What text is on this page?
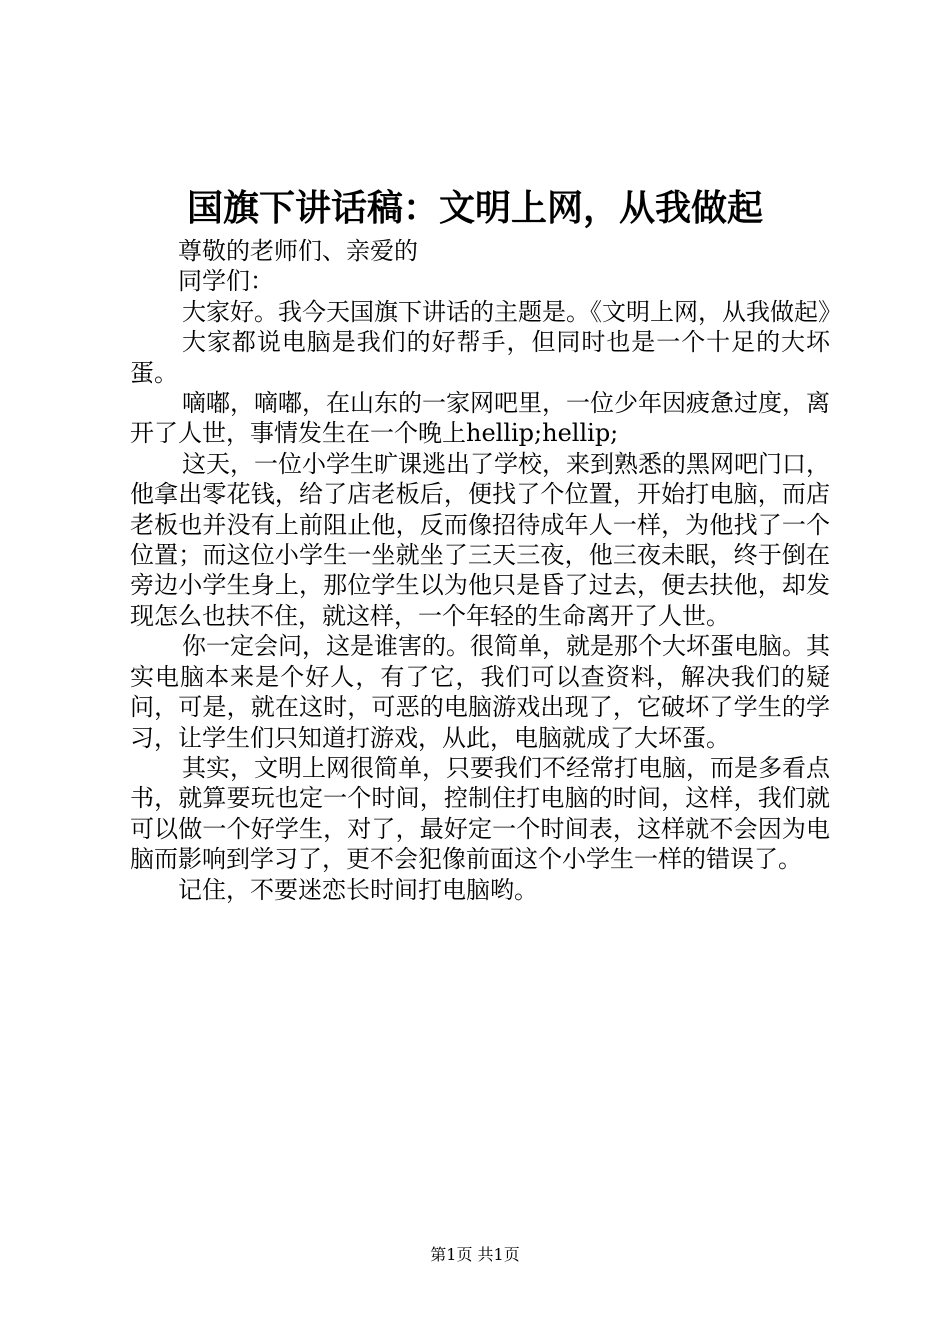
国旗下讲话稿：文明上网，从我做起

尊敬的老师们、亲爱的

同学们：

大家好。我今天国旗下讲话的主题是。《文明上网，从我做起》

大家都说电脑是我们的好帮手，但同时也是一个十足的大坏蛋。

嘀嘟，嘀嘟，在山东的一家网吧里，一位少年因疲惫过度，离开了人世，事情发生在一个晚上hellip;hellip;

这天，一位小学生旷课逃出了学校，来到熟悉的黑网吧门口，他拿出零花钱，给了店老板后，便找了个位置，开始打电脑，而店老板也并没有上前阻止他，反而像招待成年人一样，为他找了一个位置；而这位小学生一坐就坐了三天三夜，他三夜未眠，终于倒在旁边小学生身上，那位学生以为他只是昏了过去，便去扶他，却发现怎么也扶不住，就这样，一个年轻的生命离开了人世。

你一定会问，这是谁害的。很简单，就是那个大坏蛋电脑。其实电脑本来是个好人，有了它，我们可以查资料，解决我们的疑问，可是，就在这时，可恶的电脑游戏出现了，它破坏了学生的学习，让学生们只知道打游戏，从此，电脑就成了大坏蛋。

其实，文明上网很简单，只要我们不经常打电脑，而是多看点书，就算要玩也定一个时间，控制住打电脑的时间，这样，我们就可以做一个好学生，对了，最好定一个时间表，这样就不会因为电脑而影响到学习了，更不会犯像前面这个小学生一样的错误了。

记住，不要迷恋长时间打电脑哟。

第1页 共1页
